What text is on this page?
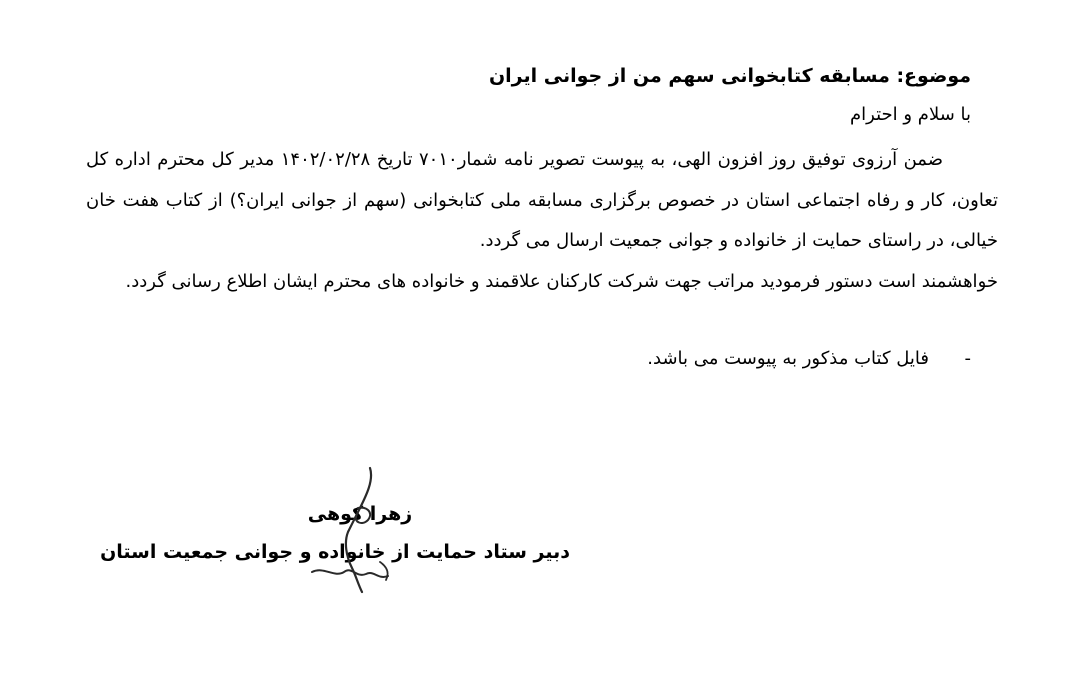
موضوع: مسابقه کتابخوانی سهم من از جوانی ایران
با سلام و احترام

ضمن آرزوی توفیق روز افزون الهی، به پیوست تصویر نامه شمار۷۰۱۰ تاریخ ۱۴۰۲/۰۲/۲۸ مدیر کل محترم اداره کل تعاون، کار و رفاه اجتماعی استان در خصوص برگزاری مسابقه ملی کتابخوانی (سهم از جوانی ایران؟) از کتاب هفت خان خیالی، در راستای حمایت از خانواده و جوانی جمعیت ارسال می گردد.

خواهشمند است دستور فرمودید مراتب جهت شرکت کارکنان علاقمند و خانواده های محترم ایشان اطلاع رسانی گردد.

-فایل کتاب مذکور به پیوست می باشد.
زهرا کوهی
دبیر ستاد حمایت از خانواده و جوانی جمعیت استان
